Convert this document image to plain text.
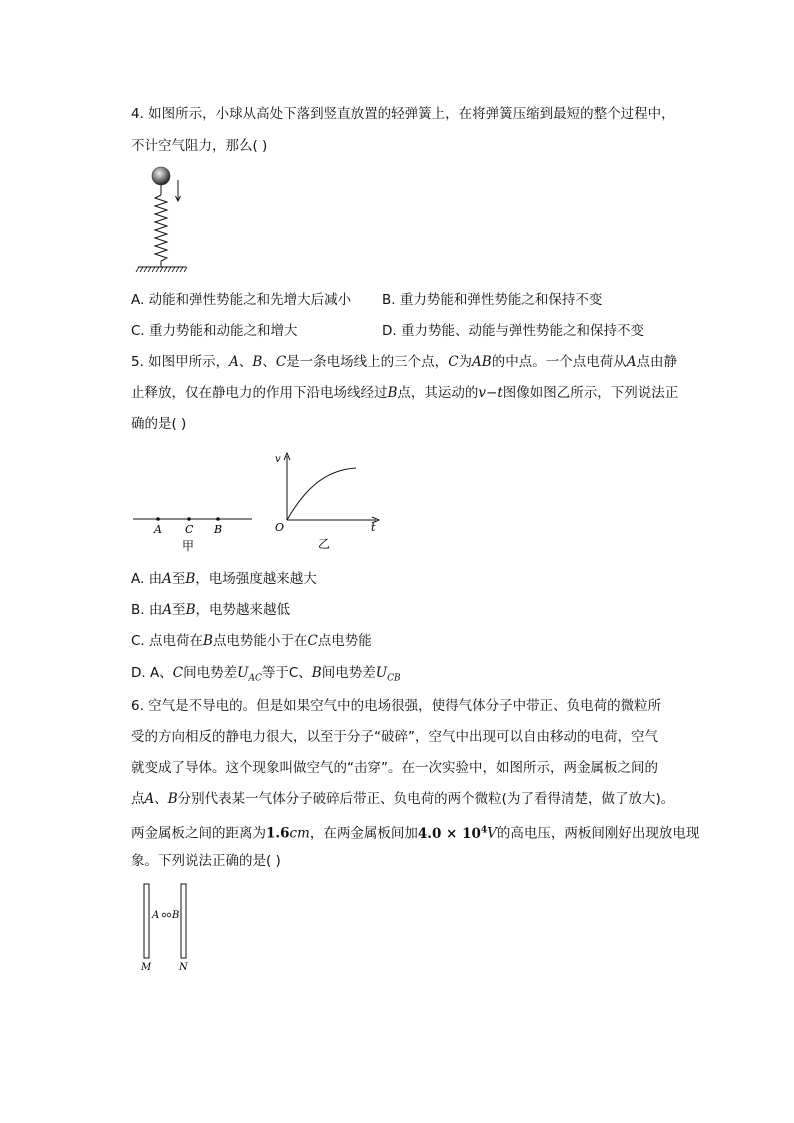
4. 如图所示，小球从高处下落到竖直放置的轻弹簧上，在将弹簧压缩到最短的整个过程中，
不计空气阻力，那么( )
A. 动能和弹性势能之和先增大后减小 B. 重力势能和弹性势能之和保持不变
C. 重力势能和动能之和增大	D. 重力势能、动能与弹性势能之和保持不变
5. 如图甲所示，A、B、C是一条电场线上的三个点，C为AB的中点。一个点电荷从A点由静
止释放，仅在静电力的作用下沿电场线经过B点，其运动的v−t图像如图乙所示，下列说法正
确的是( )
A C B
甲
v
t
O
乙
A. 由A至B，电场强度越来越大
B. 由A至B，电势越来越低
C. 点电荷在B点电势能小于在C点电势能
D. A、C间电势差$U_{AC}$等于C、B间电势差$U_{CB}$
6. 空气是不导电的。但是如果空气中的电场很强，使得气体分子中带正、负电荷的微粒所
受的方向相反的静电力很大，以至于分子“破碎”，空气中出现可以自由移动的电荷，空气
就变成了导体。这个现象叫做空气的“击穿”。在一次实验中，如图所示，两金属板之间的
点A、B分别代表某一气体分子破碎后带正、负电荷的两个微粒(为了看得清楚，做了放大)。
两金属板之间的距离为1.6cm，在两金属板间加$4.0 \times 10^4V$的高电压，两板间刚好出现放电现
象。下列说法正确的是( )
A B
M	N
